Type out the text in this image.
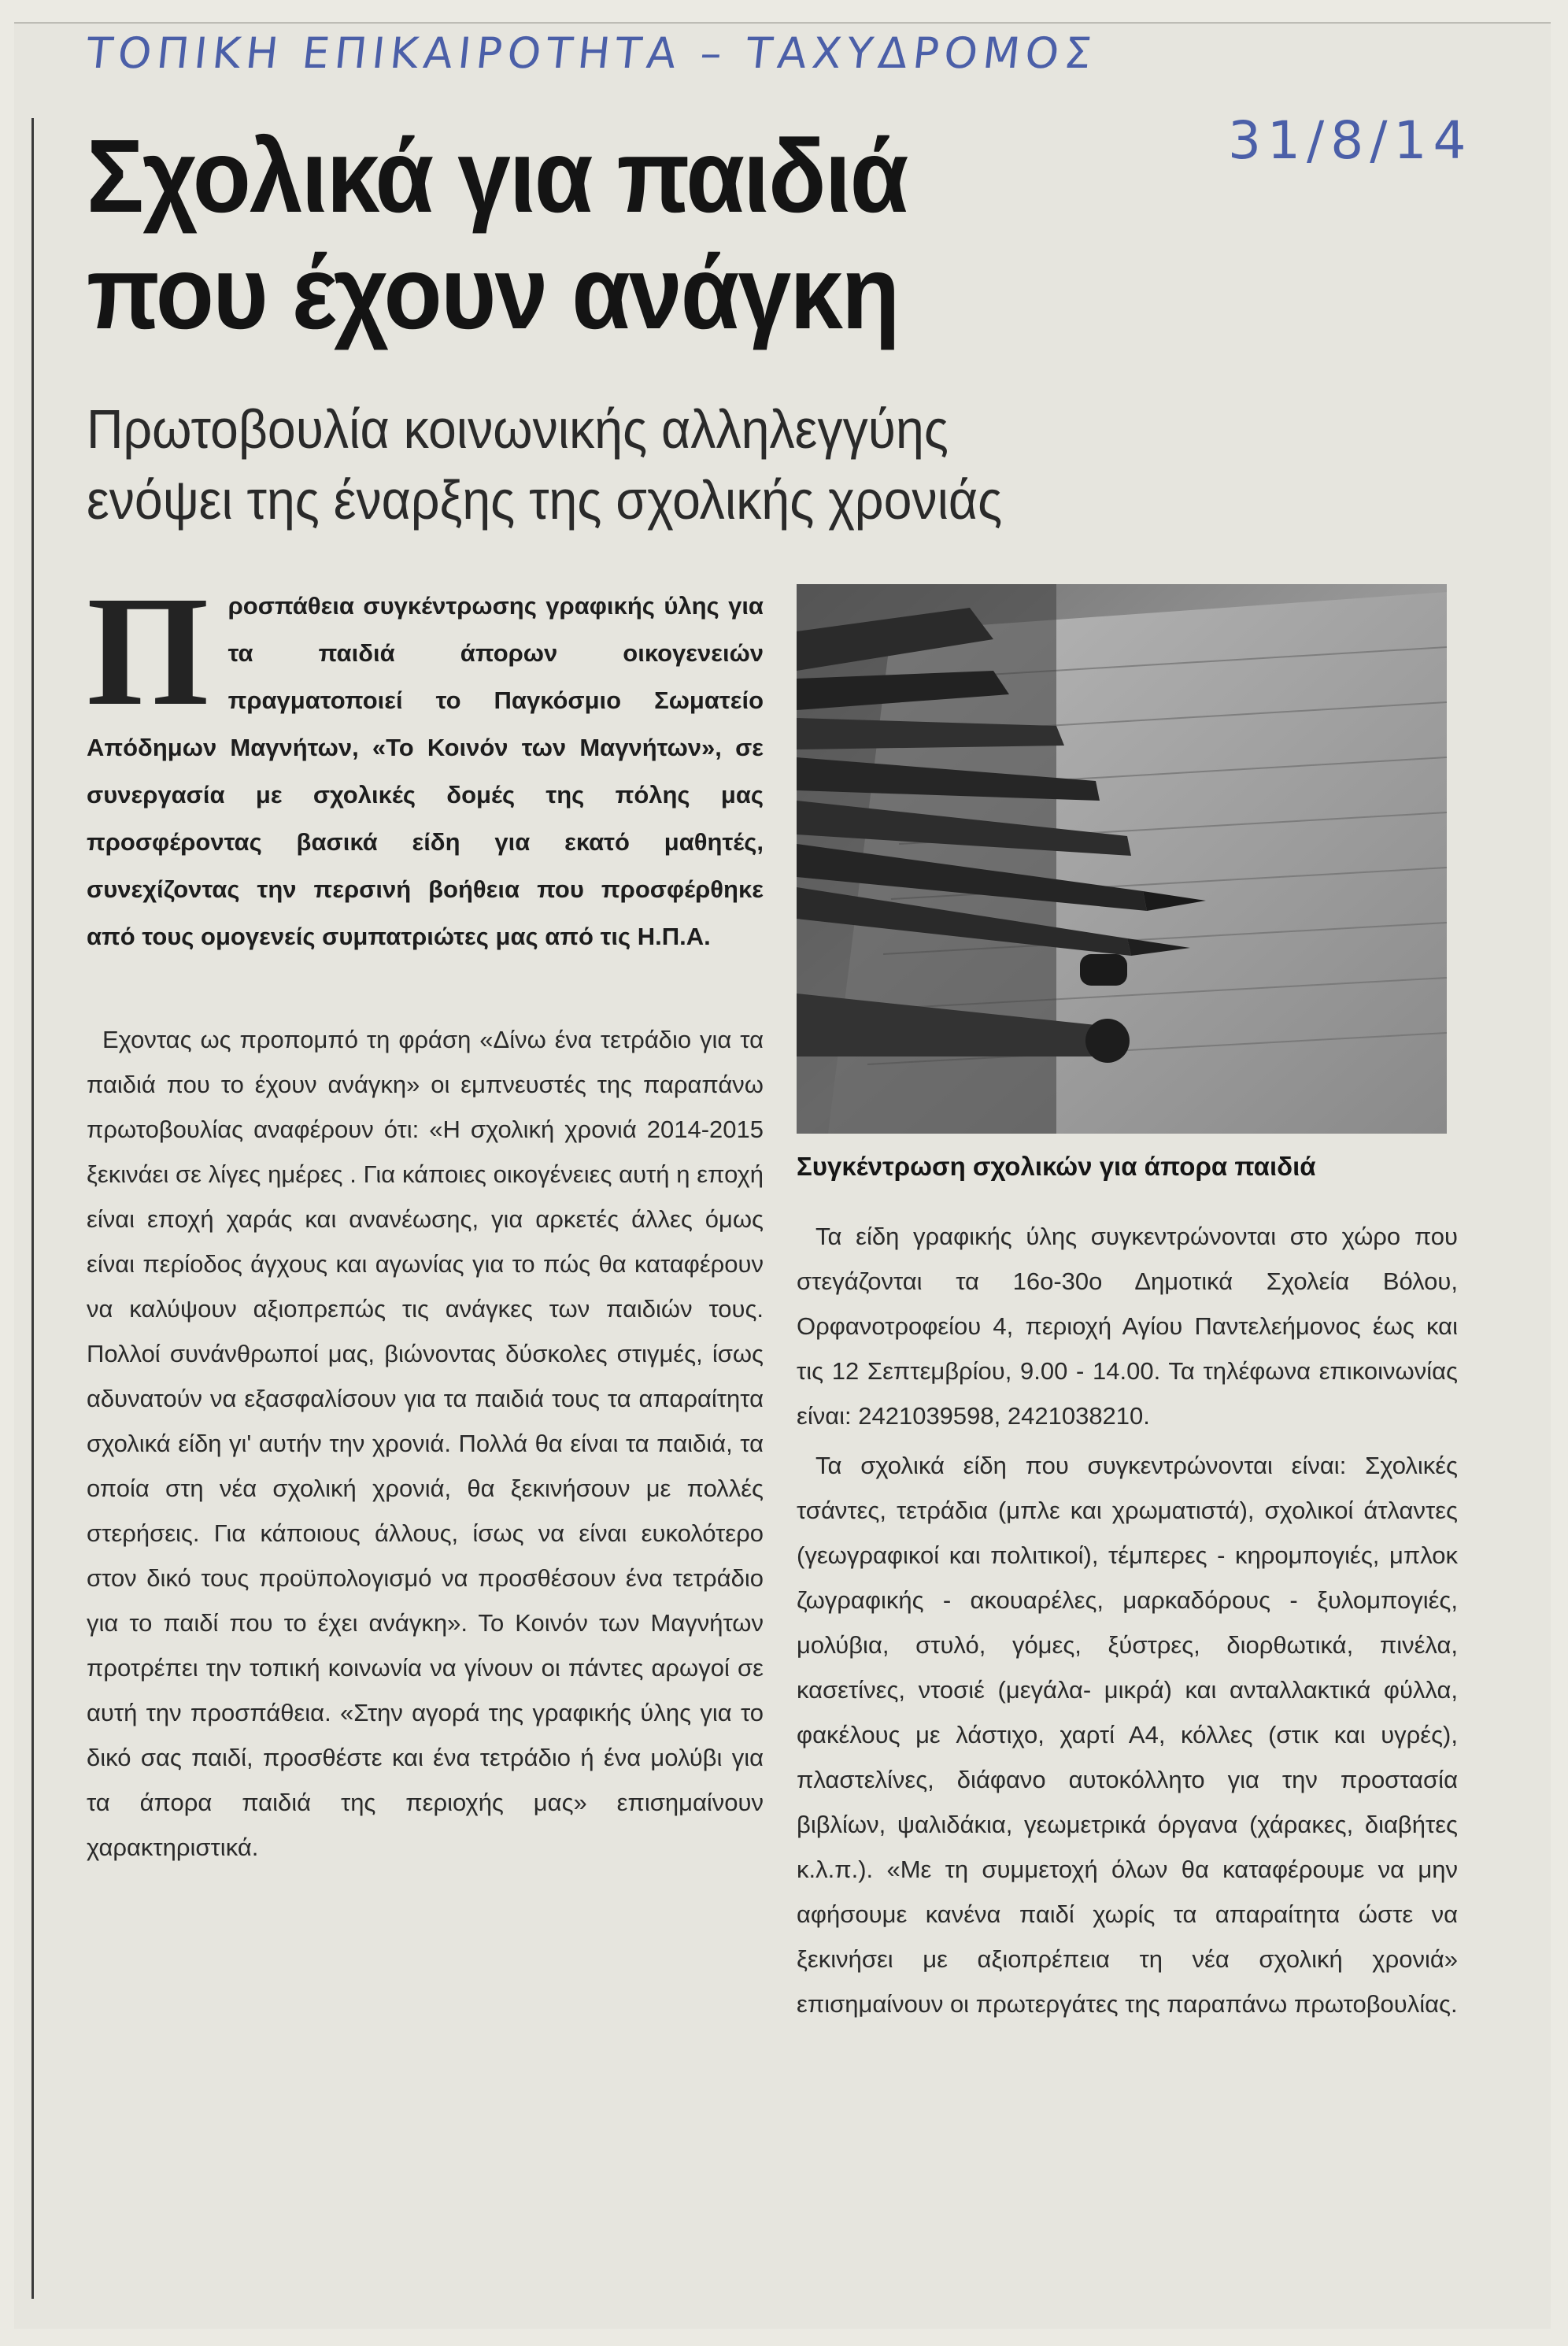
ΤΟΠΙΚΗ ΕΠΙΚΑΙΡΟΤΗΤΑ – ΤΑΧΥΔΡΟΜΟΣ
31/8/14
Σχολικά για παιδιά
που έχουν ανάγκη
Πρωτοβουλία κοινωνικής αλληλεγγύης
ενόψει της έναρξης της σχολικής χρονιάς

Προσπάθεια συγκέντρωσης γραφικής ύλης για τα παιδιά άπορων οικογενειών πραγματοποιεί το Παγκόσμιο Σωματείο Απόδημων Μαγνήτων, «Το Κοινόν των Μαγνήτων», σε συνεργασία με σχολικές δομές της πόλης μας προσφέροντας βασικά είδη για εκατό μαθητές, συνεχίζοντας την περσινή βοήθεια που προσφέρθηκε από τους ομογενείς συμπατριώτες μας από τις Η.Π.Α.

Εχοντας ως προπομπό τη φράση «Δίνω ένα τετράδιο για τα παιδιά που το έχουν ανάγκη» οι εμπνευστές της παραπάνω πρωτοβουλίας αναφέρουν ότι: «Η σχολική χρονιά 2014-2015 ξεκινάει σε λίγες ημέρες . Για κάποιες οικογένειες αυτή η εποχή είναι εποχή χαράς και ανανέωσης, για αρκετές άλλες όμως είναι περίοδος άγχους και αγωνίας για το πώς θα καταφέρουν να καλύψουν αξιοπρεπώς τις ανάγκες των παιδιών τους. Πολλοί συνάνθρωποί μας, βιώνοντας δύσκολες στιγμές, ίσως αδυνατούν να εξασφαλίσουν για τα παιδιά τους τα απαραίτητα σχολικά είδη γι' αυτήν την χρονιά. Πολλά θα είναι τα παιδιά, τα οποία στη νέα σχολική χρονιά, θα ξεκινήσουν με πολλές στερήσεις. Για κάποιους άλλους, ίσως να είναι ευκολότερο στον δικό τους προϋπολογισμό να προσθέσουν ένα τετράδιο για το παιδί που το έχει ανάγκη». Το Κοινόν των Μαγνήτων προτρέπει την τοπική κοινωνία να γίνουν οι πάντες αρωγοί σε αυτή την προσπάθεια. «Στην αγορά της γραφικής ύλης για το δικό σας παιδί, προσθέστε και ένα τετράδιο ή ένα μολύβι για τα άπορα παιδιά της περιοχής μας» επισημαίνουν χαρακτηριστικά.

Συγκέντρωση σχολικών για άπορα παιδιά

Τα είδη γραφικής ύλης συγκεντρώνονται στο χώρο που στεγάζονται τα 16ο-30ο Δημοτικά Σχολεία Βόλου, Ορφανοτροφείου 4, περιοχή Αγίου Παντελεήμονος έως και τις 12 Σεπτεμβρίου, 9.00 - 14.00. Τα τηλέφωνα επικοινωνίας είναι: 2421039598, 2421038210.

Τα σχολικά είδη που συγκεντρώνονται είναι: Σχολικές τσάντες, τετράδια (μπλε και χρωματιστά), σχολικοί άτλαντες (γεωγραφικοί και πολιτικοί), τέμπερες - κηρομπογιές, μπλοκ ζωγραφικής - ακουαρέλες, μαρκαδόρους - ξυλομπογιές, μολύβια, στυλό, γόμες, ξύστρες, διορθωτικά, πινέλα, κασετίνες, ντοσιέ (μεγάλα- μικρά) και ανταλλακτικά φύλλα, φακέλους με λάστιχο, χαρτί Α4, κόλλες (στικ και υγρές), πλαστελίνες, διάφανο αυτοκόλλητο για την προστασία βιβλίων, ψαλιδάκια, γεωμετρικά όργανα (χάρακες, διαβήτες κ.λ.π.). «Με τη συμμετοχή όλων θα καταφέρουμε να μην αφήσουμε κανένα παιδί χωρίς τα απαραίτητα ώστε να ξεκινήσει με αξιοπρέπεια τη νέα σχολική χρονιά» επισημαίνουν οι πρωτεργάτες της παραπάνω πρωτοβουλίας.
